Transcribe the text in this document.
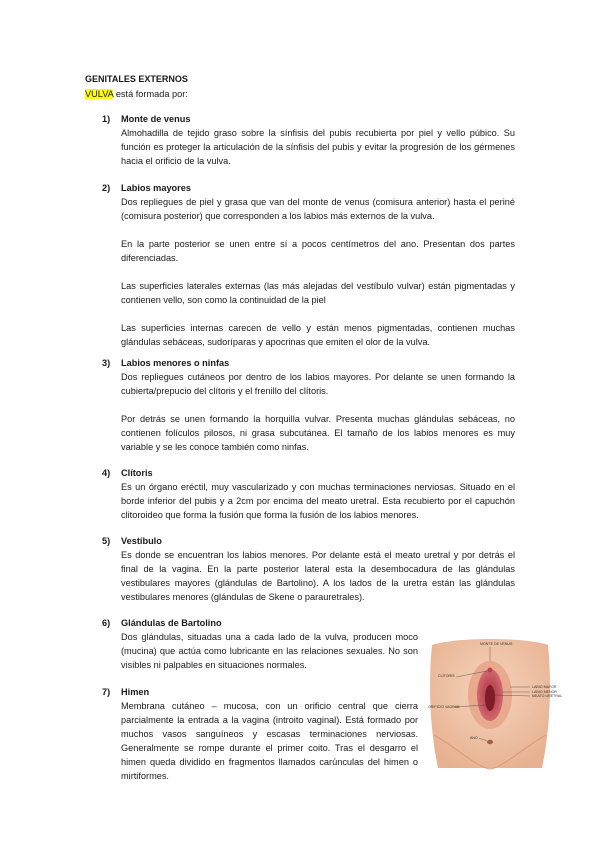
GENITALES EXTERNOS
VULVA está formada por:
1) Monte de venus

Almohadilla de tejido graso sobre la sínfisis del pubis recubierta por piel y vello púbico. Su función es proteger la articulación de la sínfisis del pubis y evitar la progresión de los gérmenes hacia el orificio de la vulva.

2) Labios mayores

Dos repliegues de piel y grasa que van del monte de venus (comisura anterior) hasta el periné (comisura posterior) que corresponden a los labios más externos de la vulva.

En la parte posterior se unen entre sí a pocos centímetros del ano. Presentan dos partes diferenciadas.

Las superficies laterales externas (las más alejadas del vestíbulo vulvar) están pigmentadas y contienen vello, son como la continuidad de la piel

Las superficies internas carecen de vello y están menos pigmentadas, contienen muchas glándulas sebáceas, sudoríparas y apocrinas que emiten el olor de la vulva.

3) Labios menores o ninfas

Dos repliegues cutáneos por dentro de los labios mayores. Por delante se unen formando la cubierta/prepucio del clítoris y el frenillo del clítoris.

Por detrás se unen formando la horquilla vulvar. Presenta muchas glándulas sebáceas, no contienen folículos pilosos, ni grasa subcutánea. El tamaño de los labios menores es muy variable y se les conoce también como ninfas.

4) Clítoris

Es un órgano eréctil, muy vascularizado y con muchas terminaciones nerviosas. Situado en el borde inferior del pubis y a 2cm por encima del meato uretral. Esta recubierto por el capuchón clitoroideo que forma la fusión que forma la fusión de los labios menores.

5) Vestíbulo

Es donde se encuentran los labios menores. Por delante está el meato uretral y por detrás el final de la vagina. En la parte posterior lateral esta la desembocadura de las glándulas vestibulares mayores (glándulas de Bartolino). A los lados de la uretra están las glándulas vestibulares menores (glándulas de Skene o parauretrales).

6) Glándulas de Bartolino

Dos glándulas, situadas una a cada lado de la vulva, producen moco (mucina) que actúa como lubricante en las relaciones sexuales. No son visibles ni palpables en situaciones normales.

7) Himen

Membrana cutáneo – mucosa, con un orificio central que cierra parcialmente la entrada a la vagina (introito vaginal). Está formado por muchos vasos sanguíneos y escasas terminaciones nerviosas. Generalmente se rompe durante el primer coito. Tras el desgarro el himen queda dividido en fragmentos llamados carúnculas del himen o mirtiformes.

MONTE DE VENUS
CLÍTORIS
LABIO MAYOR
LABIO MENOR
MEATO URETRAL
ORIFICIO VAGINAL
ANO
